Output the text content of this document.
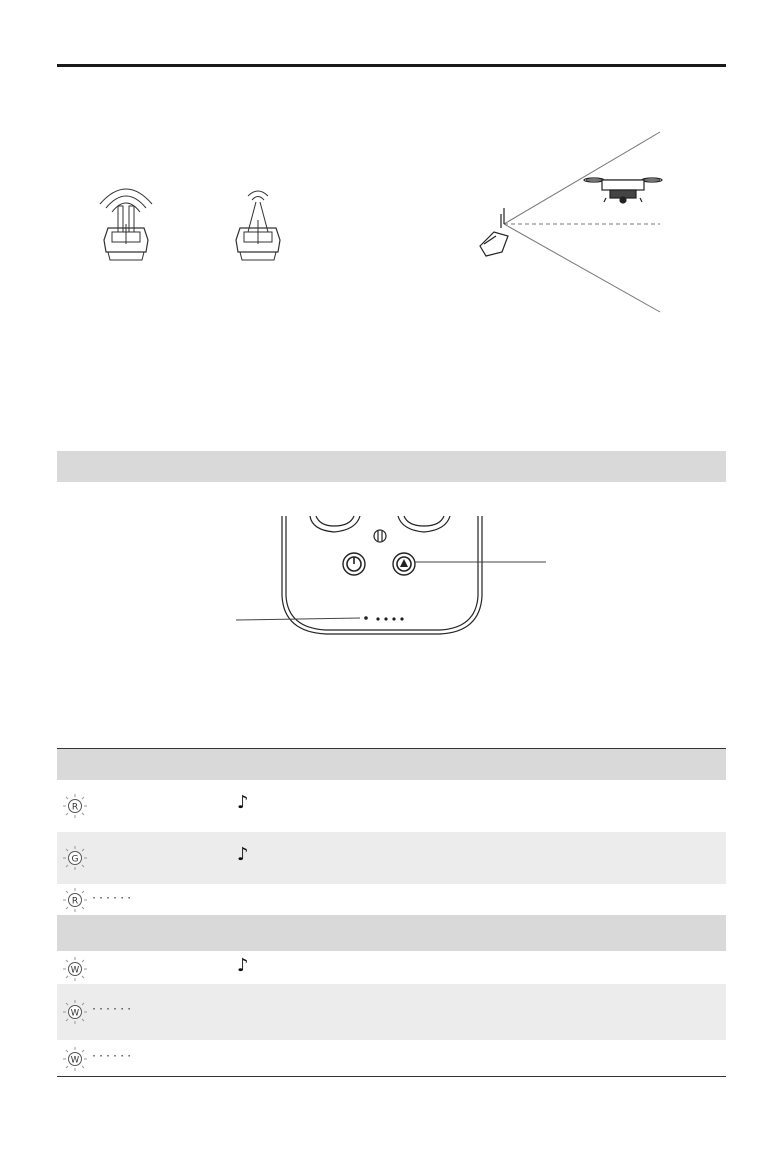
R	♪
G	♪
R ······
W	♪
W ······
W ······
